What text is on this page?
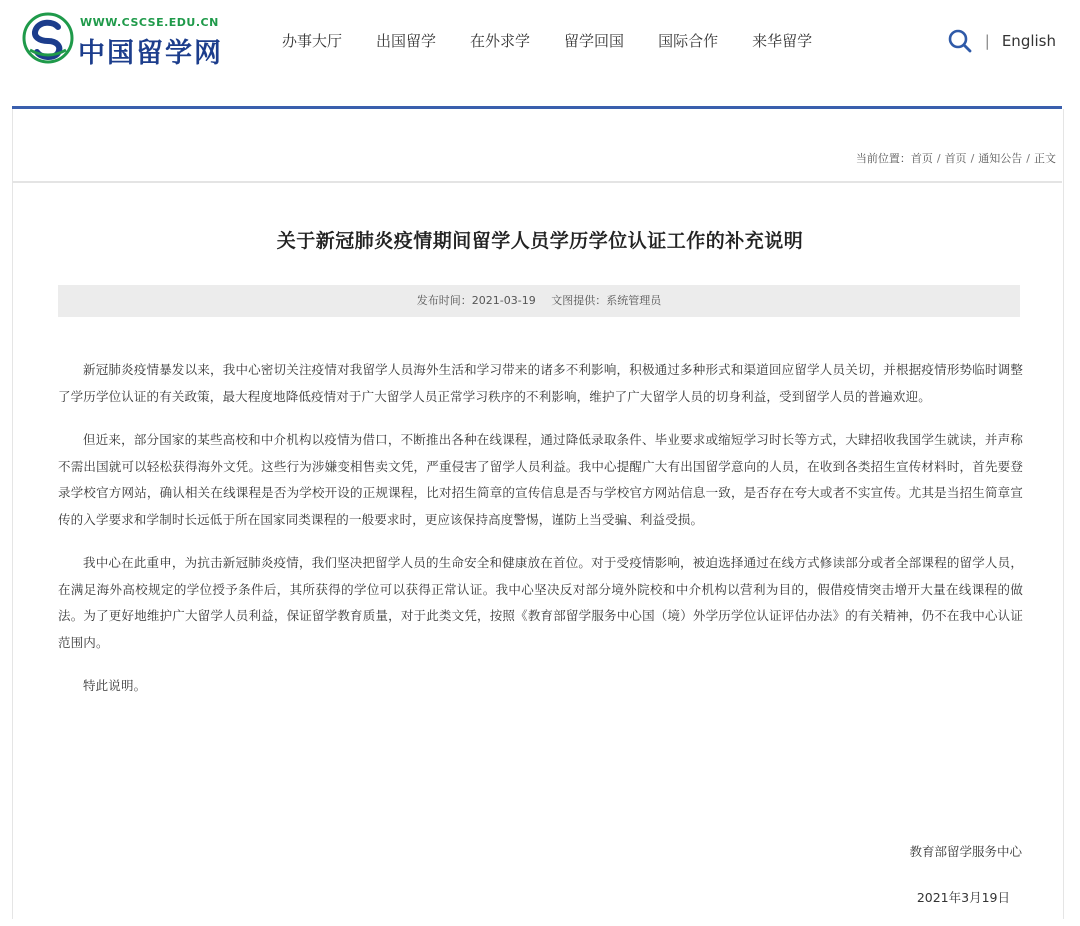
WWW.CSCSE.EDU.CN
中国留学网	办事大厅	出国留学	在外求学	留学回国	国际合作	来华留学	| English
当前位置：首页 / 首页 / 通知公告 / 正文
关于新冠肺炎疫情期间留学人员学历学位认证工作的补充说明
发布时间：2021-03-19 文图提供：系统管理员

新冠肺炎疫情暴发以来，我中心密切关注疫情对我留学人员海外生活和学习带来的诸多不利影响，积极通过多种形式和渠道回应留学人员关切，并根据疫情形势临时调整了学历学位认证的有关政策，最大程度地降低疫情对于广大留学人员正常学习秩序的不利影响，维护了广大留学人员的切身利益，受到留学人员的普遍欢迎。

但近来，部分国家的某些高校和中介机构以疫情为借口，不断推出各种在线课程，通过降低录取条件、毕业要求或缩短学习时长等方式，大肆招收我国学生就读，并声称不需出国就可以轻松获得海外文凭。这些行为涉嫌变相售卖文凭，严重侵害了留学人员利益。我中心提醒广大有出国留学意向的人员，在收到各类招生宣传材料时，首先要登录学校官方网站，确认相关在线课程是否为学校开设的正规课程，比对招生简章的宣传信息是否与学校官方网站信息一致，是否存在夸大或者不实宣传。尤其是当招生简章宣传的入学要求和学制时长远低于所在国家同类课程的一般要求时，更应该保持高度警惕，谨防上当受骗、利益受损。

我中心在此重申，为抗击新冠肺炎疫情，我们坚决把留学人员的生命安全和健康放在首位。对于受疫情影响，被迫选择通过在线方式修读部分或者全部课程的留学人员，在满足海外高校规定的学位授予条件后，其所获得的学位可以获得正常认证。我中心坚决反对部分境外院校和中介机构以营利为目的，假借疫情突击增开大量在线课程的做法。为了更好地维护广大留学人员利益，保证留学教育质量，对于此类文凭，按照《教育部留学服务中心国（境）外学历学位认证评估办法》的有关精神，仍不在我中心认证范围内。

特此说明。

教育部留学服务中心
2021年3月19日
